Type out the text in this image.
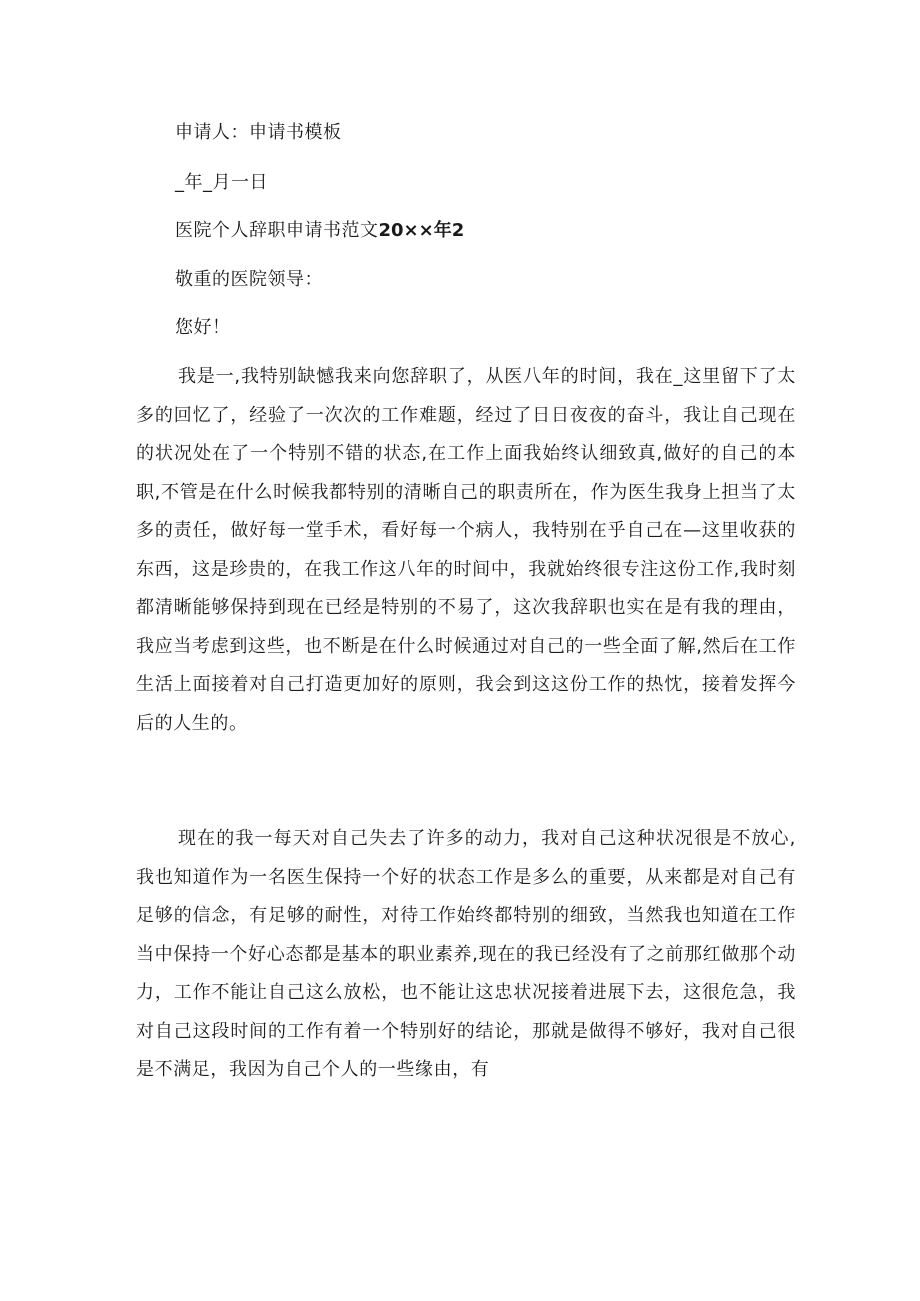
申请人：申请书模板
_年_月一日
医院个人辞职申请书范文20××年2
敬重的医院领导：
您好！
我是一,我特别缺憾我来向您辞职了，从医八年的时间，我在_这里留下了太多的回忆了，经验了一次次的工作难题，经过了日日夜夜的奋斗，我让自己现在的状况处在了一个特别不错的状态,在工作上面我始终认细致真,做好的自己的本职,不管是在什么时候我都特别的清晰自己的职责所在，作为医生我身上担当了太多的责任，做好每一堂手术，看好每一个病人，我特别在乎自己在—这里收获的东西，这是珍贵的，在我工作这八年的时间中，我就始终很专注这份工作,我时刻都清晰能够保持到现在已经是特别的不易了，这次我辞职也实在是有我的理由，我应当考虑到这些，也不断是在什么时候通过对自己的一些全面了解,然后在工作生活上面接着对自己打造更加好的原则，我会到这这份工作的热忱，接着发挥今后的人生的。
现在的我一每天对自己失去了许多的动力，我对自己这种状况很是不放心,我也知道作为一名医生保持一个好的状态工作是多么的重要，从来都是对自己有足够的信念，有足够的耐性，对待工作始终都特别的细致，当然我也知道在工作当中保持一个好心态都是基本的职业素养,现在的我已经没有了之前那红做那个动力，工作不能让自己这么放松，也不能让这忠状况接着进展下去，这很危急，我对自己这段时间的工作有着一个特别好的结论，那就是做得不够好，我对自己很是不满足，我因为自己个人的一些缘由，有
